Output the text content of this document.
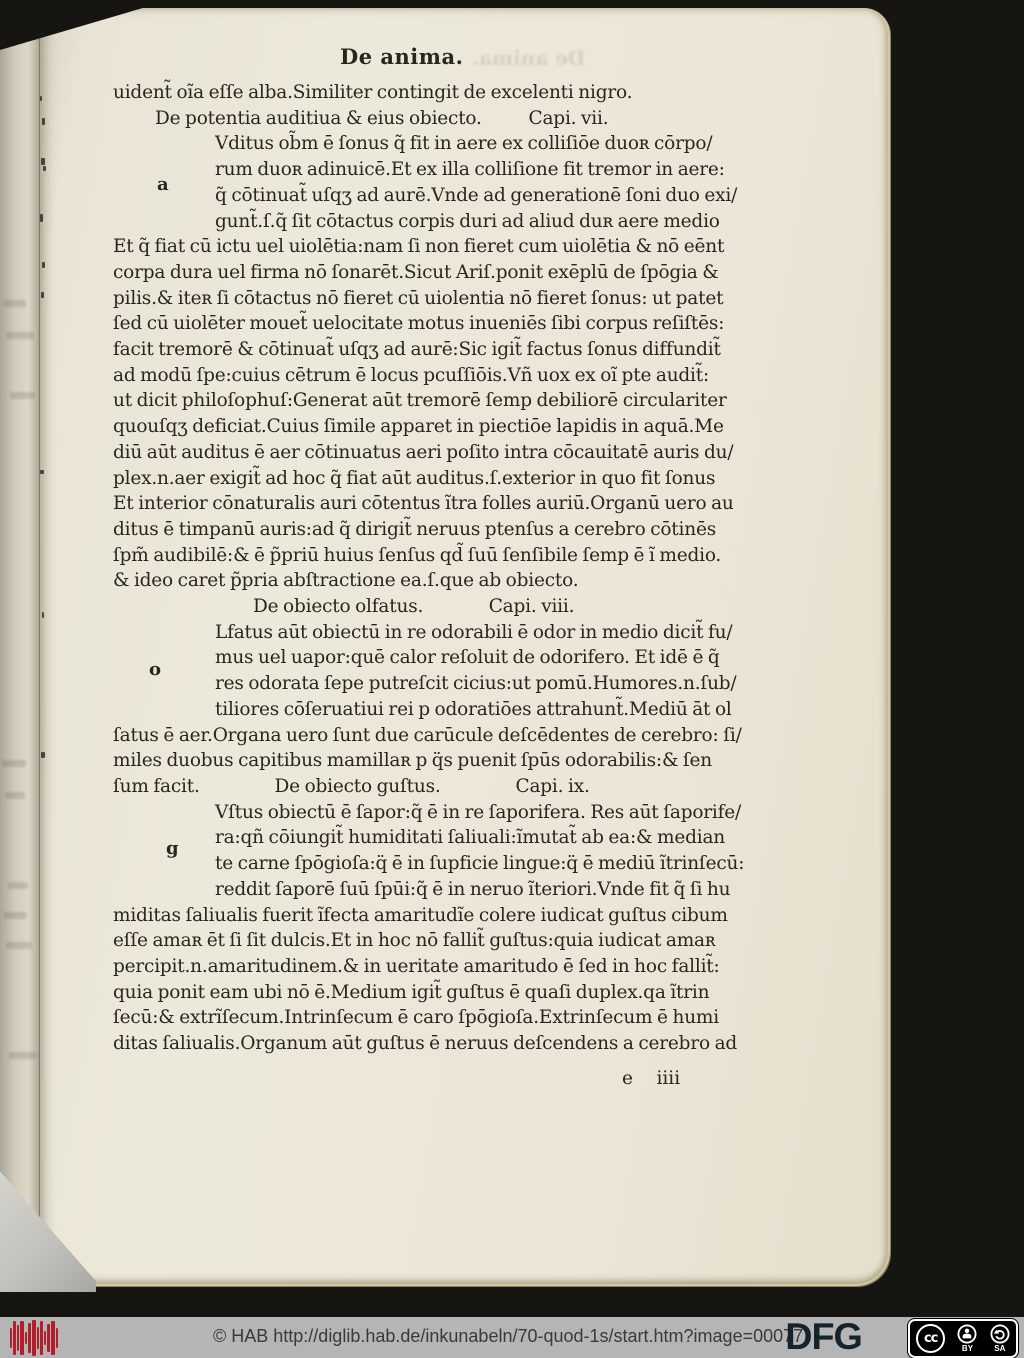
De anima. De anima.
uident̃ oĩa eſſe alba.Similiter contingit de excelenti nigro.
De potentia auditiua & eius obiecto.          Capi. vii.
Vditus ob̃m ē ſonus q̃ fit in aere ex colliſiōe duoʀ cōrpo/
rum duoʀ adinuicē.Et ex illa colliſione fit tremor in aere:
q̃ cōtinuat̃ uſqʒ ad aurē.Vnde ad generationē ſoni duo exi/
gunt̃.ſ.q̃ ſit cōtactus corpis duri ad aliud duʀ aere medio
Et q̃ fiat cū ictu uel uiolētia:nam ſi non fieret cum uiolētia & nō eēnt
corpa dura uel firma nō ſonarēt.Sicut Ariſ.ponit exēplū de ſpōgia &
pilis.& iteʀ ſi cōtactus nō fieret cū uiolentia nō fieret ſonus: ut patet
ſed cū uiolēter mouet̃ uelocitate motus inueniēs ſibi corpus reſiſtēs:
facit tremorē & cōtinuat̃ uſqʒ ad aurē:Sic igit̃ factus ſonus diffundit̃
ad modū ſpe:cuius cētrum ē locus pcuſſiōis.Vñ uox ex oĩ pte audit̃:
ut dicit philoſophuſ:Generat aūt tremorē ſemp debiliorē circulariter
quouſqʒ deficiat.Cuius ſimile apparet in piectiōe lapidis in aquā.Me
diū aūt auditus ē aer cōtinuatus aeri poſito intra cōcauitatē auris du/
plex.n.aer exigit̃ ad hoc q̃ fiat aūt auditus.ſ.exterior in quo fit ſonus
Et interior cōnaturalis auri cōtentus ĩtra folles auriū.Organū uero au
ditus ē timpanū auris:ad q̃ dirigit̃ neruus ptenſus a cerebro cōtinēs
ſpm̃ audibilē:& ē p̃priū huius ſenſus qd̃ ſuū ſenſibile ſemp ē ĩ medio.
& ideo caret p̃pria abſtractione ea.ſ.que ab obiecto.
De obiecto olfatus.              Capi. viii.
Lfatus aūt obiectū in re odorabili ē odor in medio dicit̃ fu/
mus uel uapor:quē calor reſoluit de odorifero. Et idē ē q̃
res odorata ſepe putreſcit cicius:ut pomū.Humores.n.ſub/
tiliores cōſeruatiui rei p odoratiōes attrahunt̃.Mediū āt ol
ſatus ē aer.Organa uero ſunt due carūcule deſcēdentes de cerebro: ſi/
miles duobus capitibus mamillaʀ p q̈s puenit ſpūs odorabilis:& ſen
ſum facit.                De obiecto guſtus.                Capi. ix.
Vſtus obiectū ē ſapor:q̃ ē in re ſaporifera. Res aūt ſaporife/
ra:qñ cōiungit̃ humiditati ſaliuali:ĩmutat̃ ab ea:& median
te carne ſpōgioſa:q̈ ē in ſupficie lingue:q̈ ē mediū ĩtrinſecū:
reddit ſaporē ſuū ſpūi:q̃ ē in neruo ĩteriori.Vnde fit q̃ ſi hu
miditas ſaliualis fuerit ĩfecta amaritudĩe colere iudicat guſtus cibum
eſſe amaʀ ēt ſi ſit dulcis.Et in hoc nō fallit̃ guſtus:quia iudicat amaʀ
percipit.n.amaritudinem.& in ueritate amaritudo ē ſed in hoc fallit̃:
quia ponit eam ubi nō ē.Medium igit̃ guſtus ē quaſi duplex.qa ĩtrin
ſecū:& extrĩſecum.Intrinſecum ē caro ſpōgioſa.Extrinſecum ē humi
ditas ſaliualis.Organum aūt guſtus ē neruus deſcendens a cerebro ad
e    iiii
© HAB http://diglib.hab.de/inkunabeln/70-quod-1s/start.htm?image=00077
DFG	cc
BY	SA
a
o
g
